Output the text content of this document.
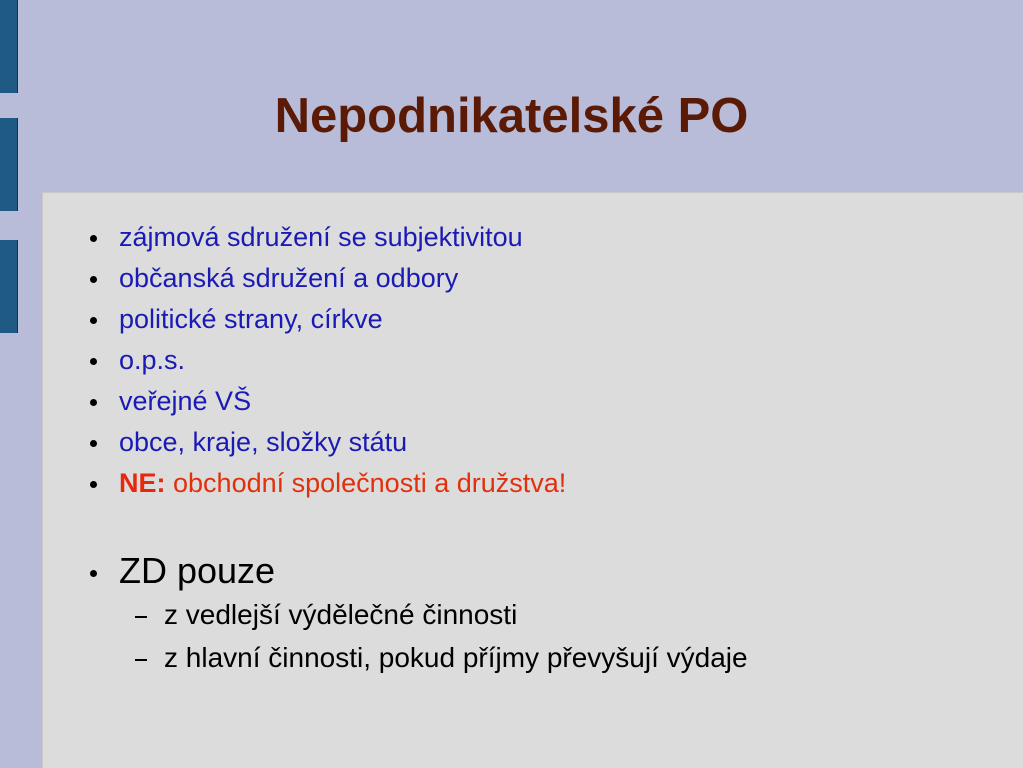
Nepodnikatelské PO
zájmová sdružení se subjektivitou
občanská sdružení a odbory
politické strany, církve
o.p.s.
veřejné VŠ
obce, kraje, složky státu
NE: obchodní společnosti a družstva!
ZD pouze
z vedlejší výdělečné činnosti
z hlavní činnosti, pokud příjmy převyšují výdaje
